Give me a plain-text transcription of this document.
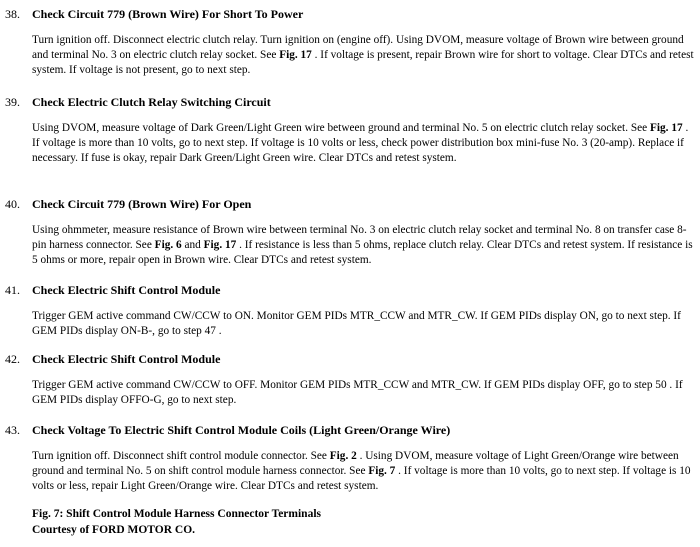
38. Check Circuit 779 (Brown Wire) For Short To Power
Turn ignition off. Disconnect electric clutch relay. Turn ignition on (engine off). Using DVOM, measure voltage of Brown wire between ground and terminal No. 3 on electric clutch relay socket. See Fig. 17 . If voltage is present, repair Brown wire for short to voltage. Clear DTCs and retest system. If voltage is not present, go to next step.
39. Check Electric Clutch Relay Switching Circuit
Using DVOM, measure voltage of Dark Green/Light Green wire between ground and terminal No. 5 on electric clutch relay socket. See Fig. 17 . If voltage is more than 10 volts, go to next step. If voltage is 10 volts or less, check power distribution box mini-fuse No. 3 (20-amp). Replace if necessary. If fuse is okay, repair Dark Green/Light Green wire. Clear DTCs and retest system.
40. Check Circuit 779 (Brown Wire) For Open
Using ohmmeter, measure resistance of Brown wire between terminal No. 3 on electric clutch relay socket and terminal No. 8 on transfer case 8-pin harness connector. See Fig. 6 and Fig. 17 . If resistance is less than 5 ohms, replace clutch relay. Clear DTCs and retest system. If resistance is 5 ohms or more, repair open in Brown wire. Clear DTCs and retest system.
41. Check Electric Shift Control Module
Trigger GEM active command CW/CCW to ON. Monitor GEM PIDs MTR_CCW and MTR_CW. If GEM PIDs display ON, go to next step. If GEM PIDs display ON-B-, go to step 47 .
42. Check Electric Shift Control Module
Trigger GEM active command CW/CCW to OFF. Monitor GEM PIDs MTR_CCW and MTR_CW. If GEM PIDs display OFF, go to step 50 . If GEM PIDs display OFFO-G, go to next step.
43. Check Voltage To Electric Shift Control Module Coils (Light Green/Orange Wire)
Turn ignition off. Disconnect shift control module connector. See Fig. 2 . Using DVOM, measure voltage of Light Green/Orange wire between ground and terminal No. 5 on shift control module harness connector. See Fig. 7 . If voltage is more than 10 volts, go to next step. If voltage is 10 volts or less, repair Light Green/Orange wire. Clear DTCs and retest system.
Fig. 7: Shift Control Module Harness Connector Terminals
Courtesy of FORD MOTOR CO.
